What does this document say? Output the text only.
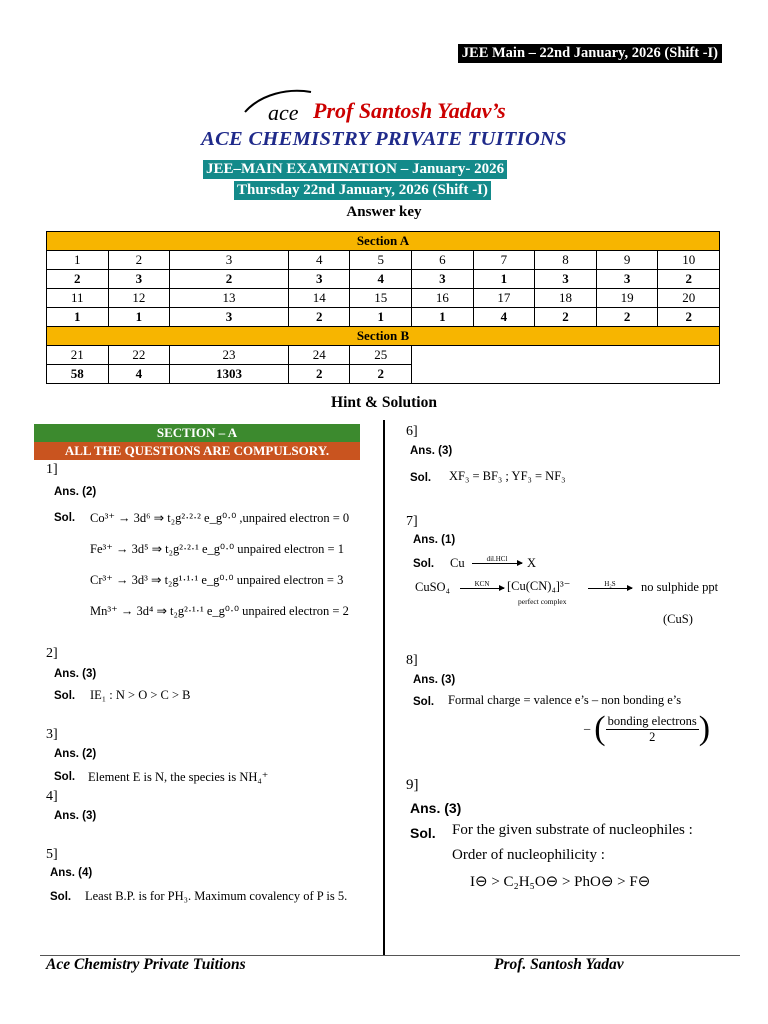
JEE Main – 22nd January, 2026 (Shift -I)
ace Prof Santosh Yadav’s
ACE CHEMISTRY PRIVATE TUITIONS
JEE–MAIN EXAMINATION – January- 2026
Thursday 22nd January, 2026 (Shift -I)
Answer key
Section A									
1	2	3	4	5	6	7	8	9	10
2	3	2	3	4	3	1	3	3	2
11	12	13	14	15	16	17	18	19	20
1	1	3	2	1	1	4	2	2	2
Section B									
21	22	23	24	25					
58	4	1303	2	2					
Hint & Solution
SECTION – A
ALL THE QUESTIONS ARE COMPULSORY.
1]
Ans. (2)
Sol. Co³⁺ → 3d⁶ ⇒ t₂g²·²·² e_g⁰·⁰ ,unpaired electron = 0
Fe³⁺ → 3d⁵ ⇒ t₂g²·²·¹ e_g⁰·⁰ unpaired electron = 1
Cr³⁺ → 3d³ ⇒ t₂g¹·¹·¹ e_g⁰·⁰ unpaired electron = 3
Mn³⁺ → 3d⁴ ⇒ t₂g²·¹·¹ e_g⁰·⁰ unpaired electron = 2
2]
Ans. (3)
Sol. IE₁ : N > O > C > B
3]
Ans. (2)
Sol. Element E is N, the species is NH₄⁺
4]
Ans. (3)
5]
Ans. (4)
Sol. Least B.P. is for PH₃. Maximum covalency of P is 5.
6]
Ans. (3)
Sol. XF₃ = BF₃ ; YF₃ = NF₃
7]
Ans. (1)
Sol. Cu	dil.HCl	X
CuSO₄	KCN	[Cu(CN)₄]³⁻
perfect complex
H₂S	no sulphide ppt
(CuS)
8]
Ans. (3)
Sol. Formal charge = valence e’s – non bonding e’s
– ( $\frac{\text{bonding electrons}}{2}$ )
9]
Ans. (3)
Sol. For the given substrate of nucleophiles :
Order of nucleophilicity :
I⊖ > C₂H₅O⊖ > PhO⊖ > F⊖
Ace Chemistry Private Tuitions	Prof. Santosh Yadav
